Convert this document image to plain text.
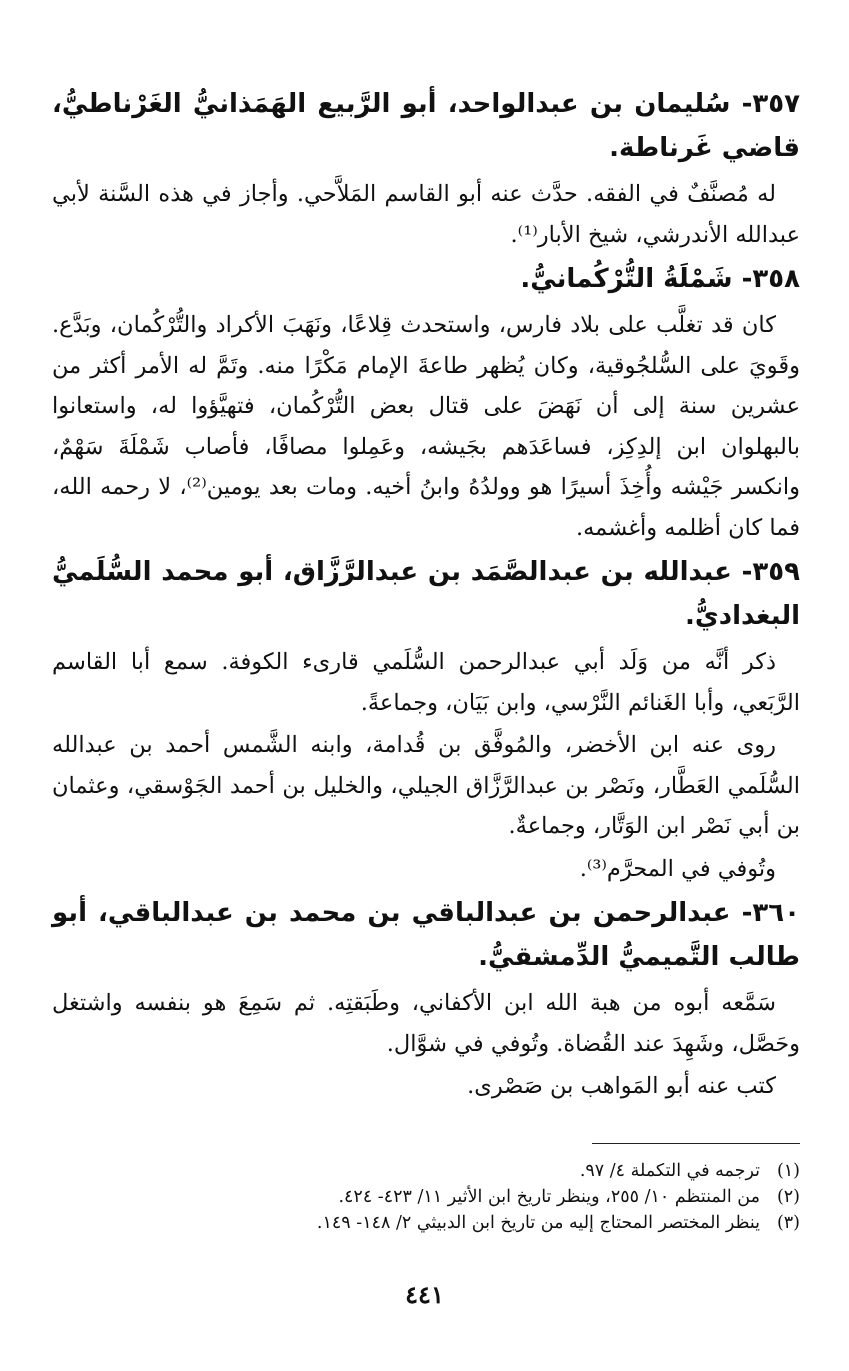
٣٥٧- سُليمان بن عبدالواحد، أبو الرَّبيع الهَمَذانيُّ الغَرْناطيُّ، قاضي غَرناطة.

له مُصنَّفٌ في الفقه. حدَّث عنه أبو القاسم المَلاَّحي. وأجاز في هذه السَّنة لأبي عبدالله الأندرشي، شيخ الأبار⁽¹⁾.

٣٥٨- شَمْلَةُ التُّرْكُمانيُّ.

كان قد تغلَّب على بلاد فارس، واستحدث قِلاعًا، ونَهَبَ الأكراد والتُّرْكُمان، وبَدَّع. وقَويَ على السُّلجُوقية، وكان يُظهر طاعةَ الإمام مَكْرًا منه. وتَمَّ له الأمر أكثر من عشرين سنة إلى أن نَهَضَ على قتال بعض التُّرْكُمان، فتهيَّؤوا له، واستعانوا بالبهلوان ابن إلدِكِز، فساعَدَهم بجَيشه، وعَمِلوا مصافًا، فأصاب شَمْلَةَ سَهْمٌ، وانكسر جَيْشه وأُخِذَ أسيرًا هو وولدُهُ وابنُ أخيه. ومات بعد يومين⁽²⁾، لا رحمه الله، فما كان أظلمه وأغشمه.

٣٥٩- عبدالله بن عبدالصَّمَد بن عبدالرَّزَّاق، أبو محمد السُّلَميُّ البغداديُّ.

ذكر أنَّه من وَلَد أبي عبدالرحمن السُّلَمي قارىء الكوفة. سمع أبا القاسم الرَّبَعي، وأبا الغَنائم النَّرْسي، وابن بَيَان، وجماعةً.

روى عنه ابن الأخضر، والمُوفَّق بن قُدامة، وابنه الشَّمس أحمد بن عبدالله السُّلَمي العَطَّار، ونَصْر بن عبدالرَّزَّاق الجيلي، والخليل بن أحمد الجَوْسقي، وعثمان بن أبي نَصْر ابن الوَتَّار، وجماعةٌ.

وتُوفي في المحرَّم⁽³⁾.

٣٦٠- عبدالرحمن بن عبدالباقي بن محمد بن عبدالباقي، أبو طالب التَّميميُّ الدِّمشقيُّ.

سَمَّعه أبوه من هبة الله ابن الأكفاني، وطَبَقتِه. ثم سَمِعَ هو بنفسه واشتغل وحَصَّل، وشَهِدَ عند القُضاة. وتُوفي في شوَّال.

كتب عنه أبو المَواهب بن صَصْرى.

(١)
ترجمه في التكملة ٤/ ٩٧.
(٢)
من المنتظم ١٠/ ٢٥٥، وينظر تاريخ ابن الأثير ١١/ ٤٢٣- ٤٢٤.
(٣)
ينظر المختصر المحتاج إليه من تاريخ ابن الدبيثي ٢/ ١٤٨- ١٤٩.
٤٤١
